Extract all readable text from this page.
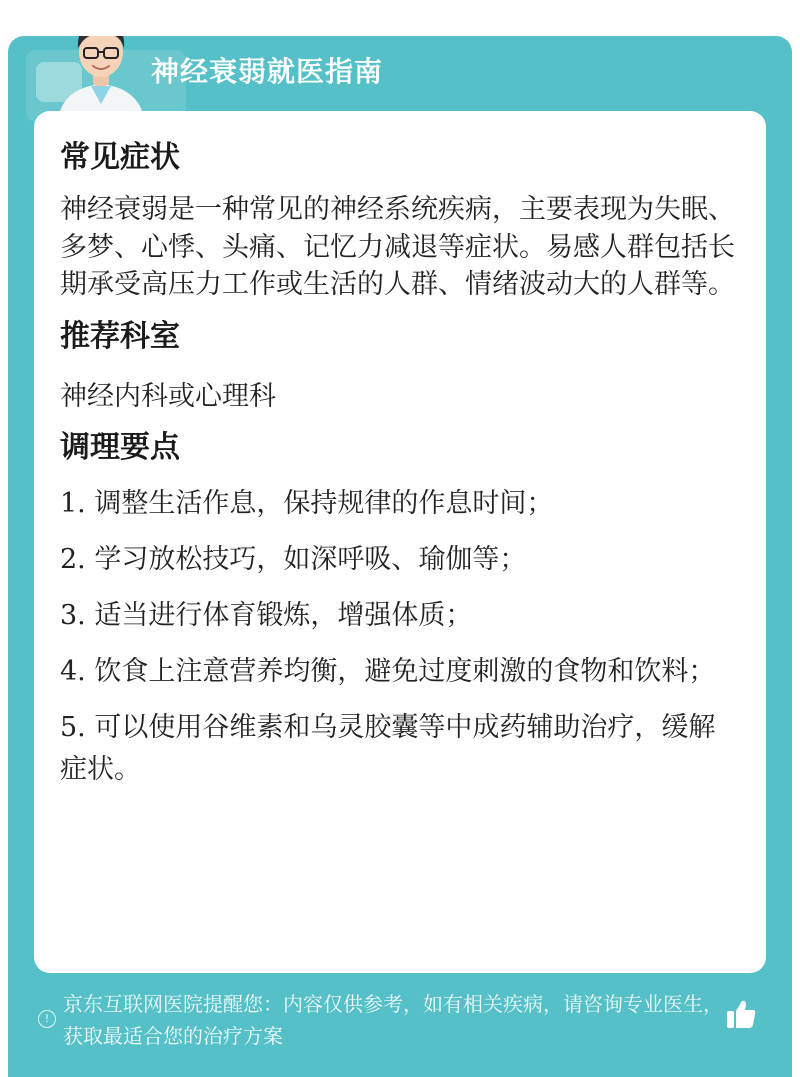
神经衰弱就医指南
常见症状

神经衰弱是一种常见的神经系统疾病，主要表现为失眠、多梦、心悸、头痛、记忆力减退等症状。易感人群包括长期承受高压力工作或生活的人群、情绪波动大的人群等。

推荐科室

神经内科或心理科

调理要点
1. 调整生活作息，保持规律的作息时间；
2. 学习放松技巧，如深呼吸、瑜伽等；
3. 适当进行体育锻炼，增强体质；
4. 饮食上注意营养均衡，避免过度刺激的食物和饮料；
5. 可以使用谷维素和乌灵胶囊等中成药辅助治疗，缓解症状。
!
京东互联网医院提醒您：内容仅供参考，如有相关疾病，请咨询专业医生，获取最适合您的治疗方案
